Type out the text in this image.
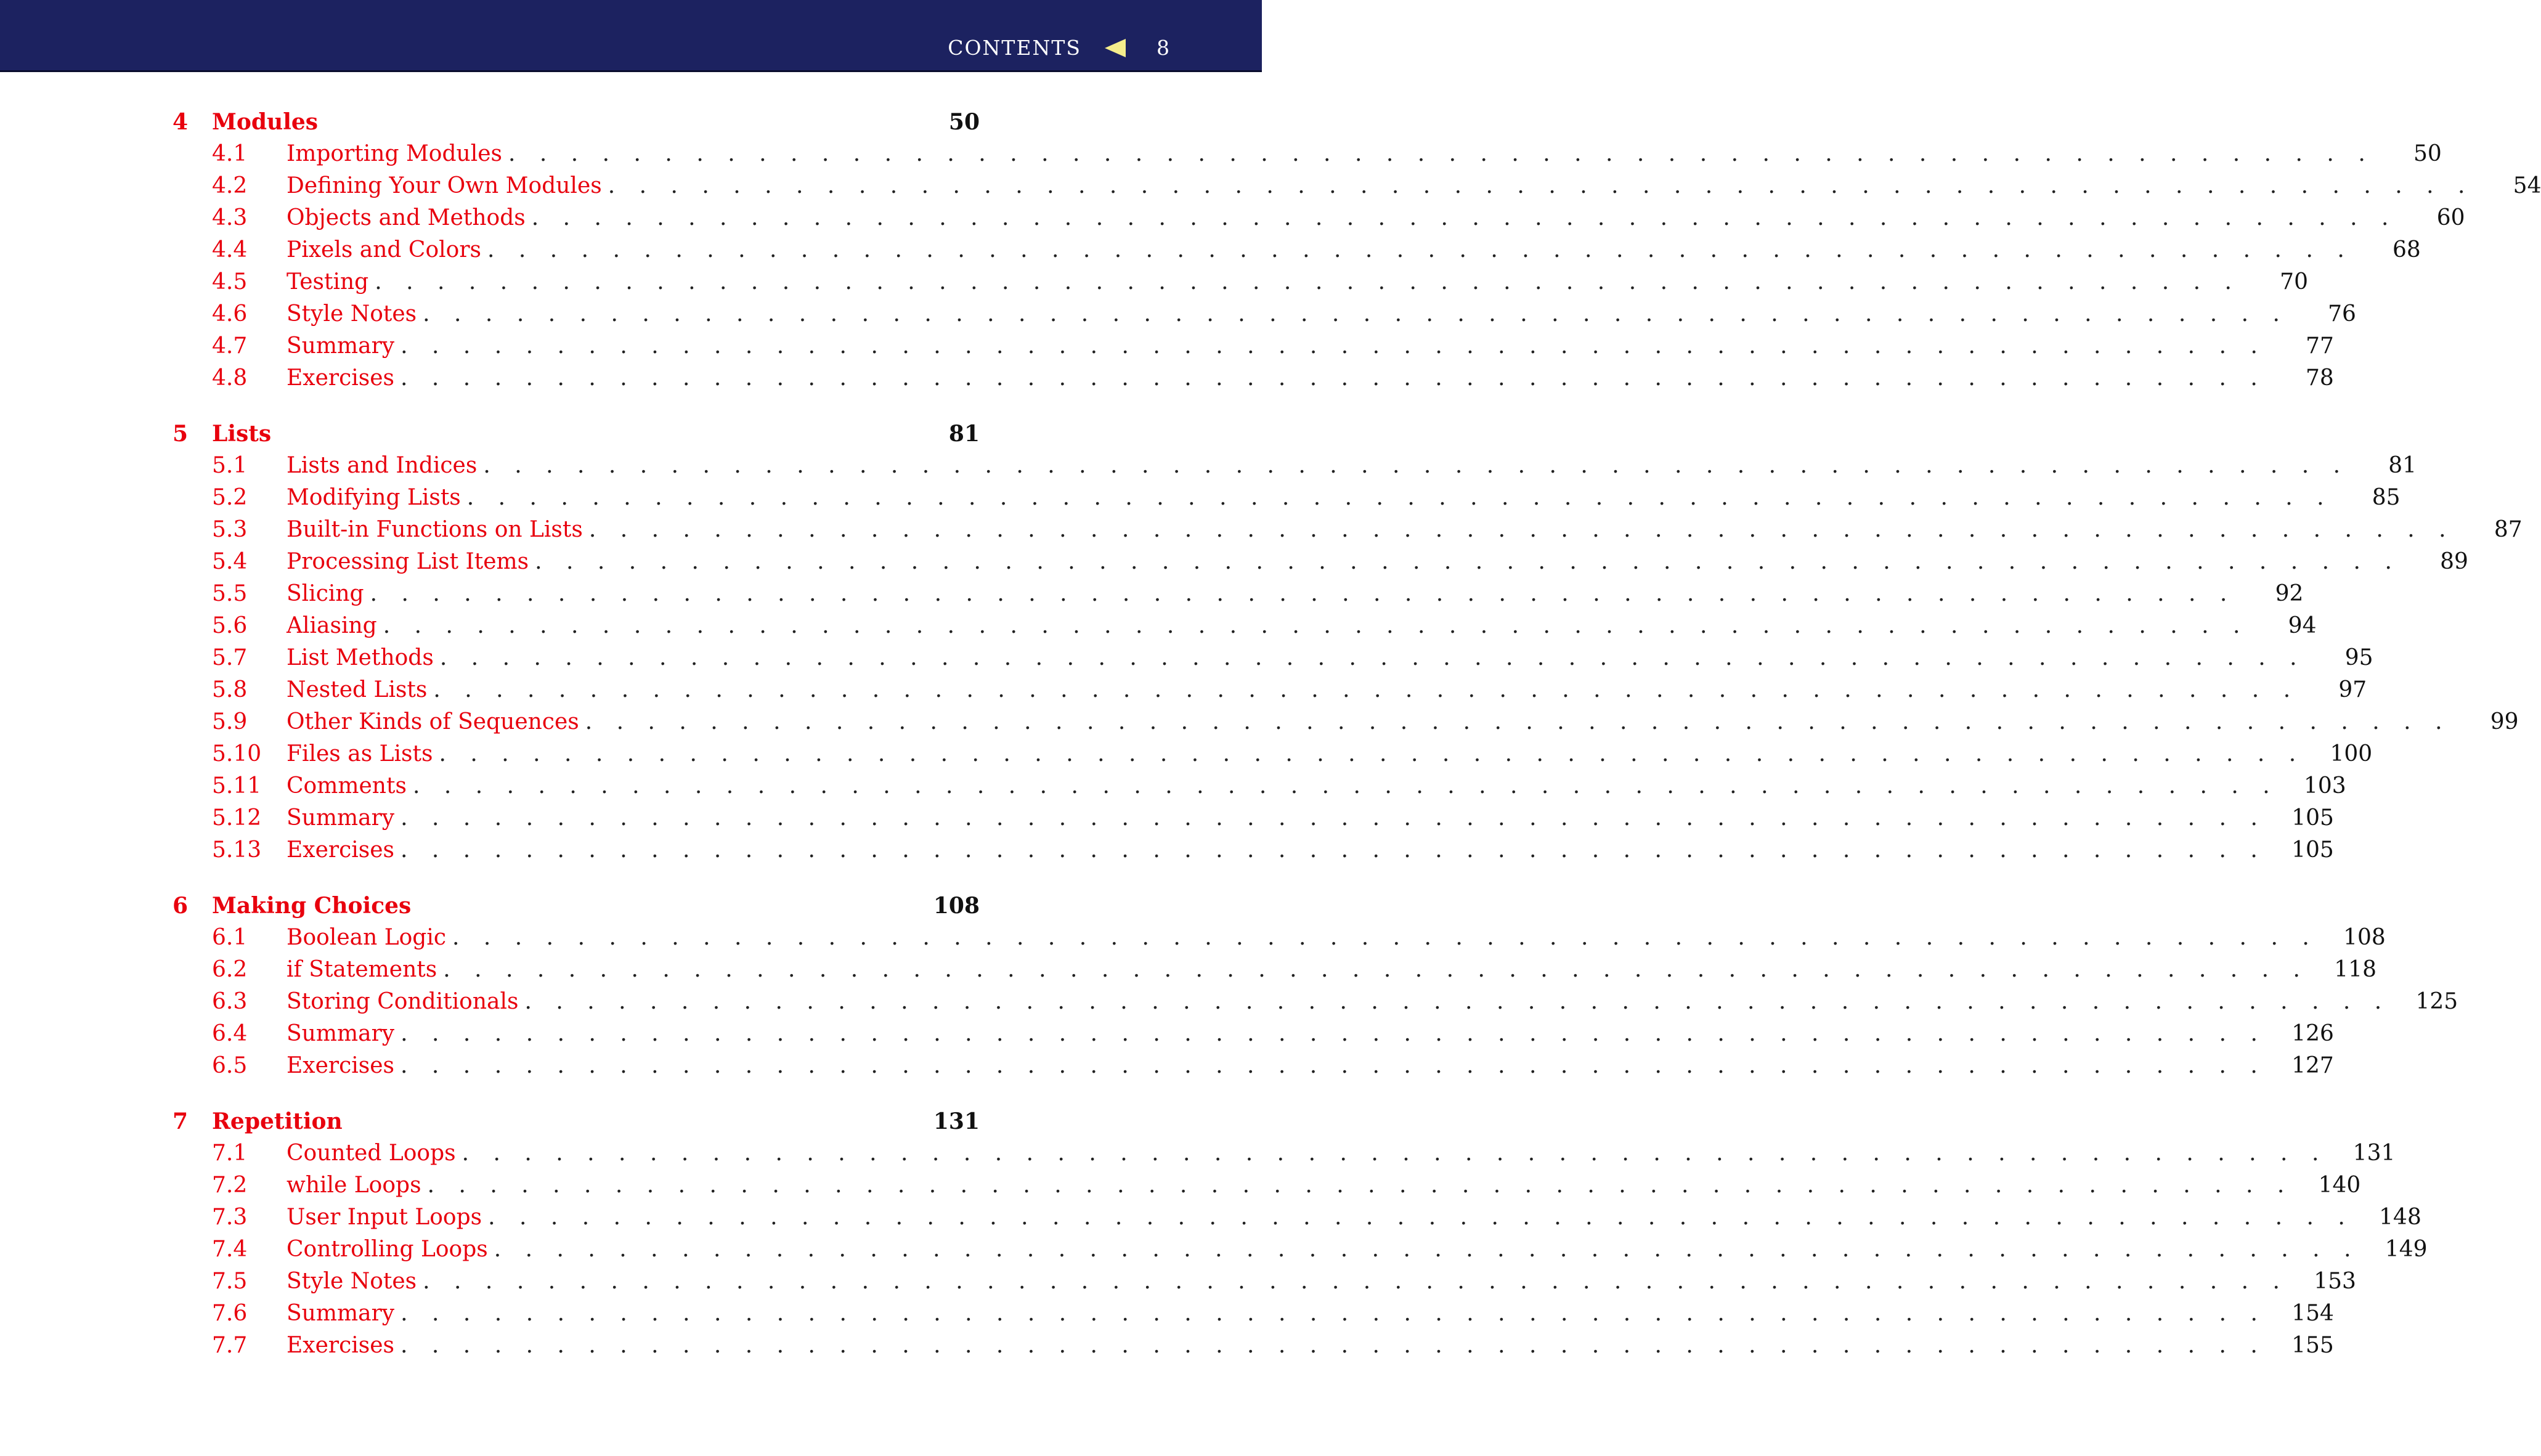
CONTENTS	8
4	Modules	50
4.1	Importing Modules . . . . . . . . . . . . . . . . . . . . . . . . . . . . . . . . . . . . . . . . . . . . . . . . . . . . . . . . . . . .	50
4.2	Defining Your Own Modules . . . . . . . . . . . . . . . . . . . . . . . . . . . . . . . . . . . . . . . . . . . . . . . . . . . . . . . . . . . .	54
4.3	Objects and Methods . . . . . . . . . . . . . . . . . . . . . . . . . . . . . . . . . . . . . . . . . . . . . . . . . . . . . . . . . . . .	60
4.4	Pixels and Colors . . . . . . . . . . . . . . . . . . . . . . . . . . . . . . . . . . . . . . . . . . . . . . . . . . . . . . . . . . . .	68
4.5	Testing . . . . . . . . . . . . . . . . . . . . . . . . . . . . . . . . . . . . . . . . . . . . . . . . . . . . . . . . . . . .	70
4.6	Style Notes . . . . . . . . . . . . . . . . . . . . . . . . . . . . . . . . . . . . . . . . . . . . . . . . . . . . . . . . . . . .	76
4.7	Summary . . . . . . . . . . . . . . . . . . . . . . . . . . . . . . . . . . . . . . . . . . . . . . . . . . . . . . . . . . . .	77
4.8	Exercises . . . . . . . . . . . . . . . . . . . . . . . . . . . . . . . . . . . . . . . . . . . . . . . . . . . . . . . . . . . .	78
5	Lists	81
5.1	Lists and Indices . . . . . . . . . . . . . . . . . . . . . . . . . . . . . . . . . . . . . . . . . . . . . . . . . . . . . . . . . . . .	81
5.2	Modifying Lists . . . . . . . . . . . . . . . . . . . . . . . . . . . . . . . . . . . . . . . . . . . . . . . . . . . . . . . . . . . .	85
5.3	Built-in Functions on Lists . . . . . . . . . . . . . . . . . . . . . . . . . . . . . . . . . . . . . . . . . . . . . . . . . . . . . . . . . . . .	87
5.4	Processing List Items . . . . . . . . . . . . . . . . . . . . . . . . . . . . . . . . . . . . . . . . . . . . . . . . . . . . . . . . . . . .	89
5.5	Slicing . . . . . . . . . . . . . . . . . . . . . . . . . . . . . . . . . . . . . . . . . . . . . . . . . . . . . . . . . . . .	92
5.6	Aliasing . . . . . . . . . . . . . . . . . . . . . . . . . . . . . . . . . . . . . . . . . . . . . . . . . . . . . . . . . . . .	94
5.7	List Methods . . . . . . . . . . . . . . . . . . . . . . . . . . . . . . . . . . . . . . . . . . . . . . . . . . . . . . . . . . . .	95
5.8	Nested Lists . . . . . . . . . . . . . . . . . . . . . . . . . . . . . . . . . . . . . . . . . . . . . . . . . . . . . . . . . . . .	97
5.9	Other Kinds of Sequences . . . . . . . . . . . . . . . . . . . . . . . . . . . . . . . . . . . . . . . . . . . . . . . . . . . . . . . . . . . .	99
5.10	Files as Lists . . . . . . . . . . . . . . . . . . . . . . . . . . . . . . . . . . . . . . . . . . . . . . . . . . . . . . . . . . . .	100
5.11	Comments . . . . . . . . . . . . . . . . . . . . . . . . . . . . . . . . . . . . . . . . . . . . . . . . . . . . . . . . . . . .	103
5.12	Summary . . . . . . . . . . . . . . . . . . . . . . . . . . . . . . . . . . . . . . . . . . . . . . . . . . . . . . . . . . . .	105
5.13	Exercises . . . . . . . . . . . . . . . . . . . . . . . . . . . . . . . . . . . . . . . . . . . . . . . . . . . . . . . . . . . .	105
6	Making Choices	108
6.1	Boolean Logic . . . . . . . . . . . . . . . . . . . . . . . . . . . . . . . . . . . . . . . . . . . . . . . . . . . . . . . . . . . .	108
6.2	if Statements . . . . . . . . . . . . . . . . . . . . . . . . . . . . . . . . . . . . . . . . . . . . . . . . . . . . . . . . . . . .	118
6.3	Storing Conditionals . . . . . . . . . . . . . . . . . . . . . . . . . . . . . . . . . . . . . . . . . . . . . . . . . . . . . . . . . . . .	125
6.4	Summary . . . . . . . . . . . . . . . . . . . . . . . . . . . . . . . . . . . . . . . . . . . . . . . . . . . . . . . . . . . .	126
6.5	Exercises . . . . . . . . . . . . . . . . . . . . . . . . . . . . . . . . . . . . . . . . . . . . . . . . . . . . . . . . . . . .	127
7	Repetition	131
7.1	Counted Loops . . . . . . . . . . . . . . . . . . . . . . . . . . . . . . . . . . . . . . . . . . . . . . . . . . . . . . . . . . . .	131
7.2	while Loops . . . . . . . . . . . . . . . . . . . . . . . . . . . . . . . . . . . . . . . . . . . . . . . . . . . . . . . . . . . .	140
7.3	User Input Loops . . . . . . . . . . . . . . . . . . . . . . . . . . . . . . . . . . . . . . . . . . . . . . . . . . . . . . . . . . . .	148
7.4	Controlling Loops . . . . . . . . . . . . . . . . . . . . . . . . . . . . . . . . . . . . . . . . . . . . . . . . . . . . . . . . . . . .	149
7.5	Style Notes . . . . . . . . . . . . . . . . . . . . . . . . . . . . . . . . . . . . . . . . . . . . . . . . . . . . . . . . . . . .	153
7.6	Summary . . . . . . . . . . . . . . . . . . . . . . . . . . . . . . . . . . . . . . . . . . . . . . . . . . . . . . . . . . . .	154
7.7	Exercises . . . . . . . . . . . . . . . . . . . . . . . . . . . . . . . . . . . . . . . . . . . . . . . . . . . . . . . . . . . .	155
